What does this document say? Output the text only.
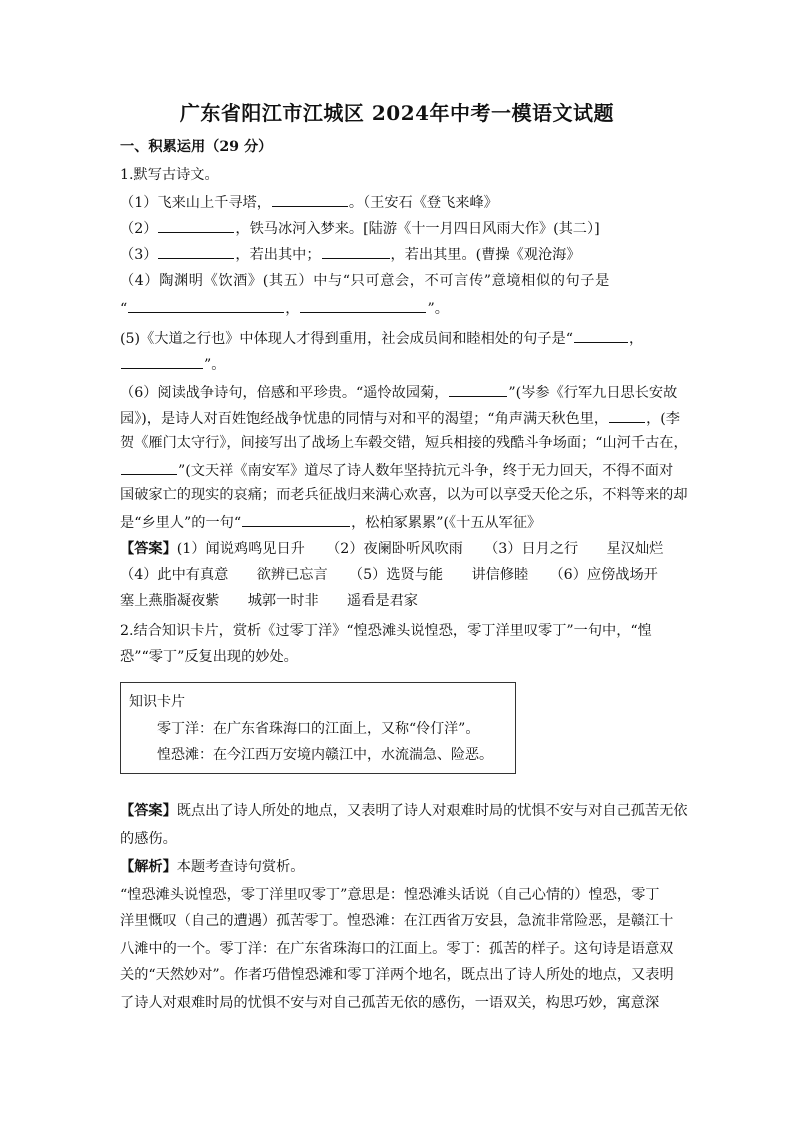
广东省阳江市江城区 2024年中考一模语文试题
一、积累运用（29 分）
1.默写古诗文。
（1）飞来山上千寻塔，	。（王安石《登飞来峰》
（2）	，铁马冰河入梦来。[陆游《十一月四日风雨大作》(其二）]
（3）	，若出其中；	，若出其里。(曹操《观沧海》
（4）陶渊明《饮酒》(其五）中与“只可意会，不可言传”意境相似的句子是
“	，	”。
(5)《大道之行也》中体现人才得到重用，社会成员间和睦相处的句子是“	，
”。
（6）阅读战争诗句，倍感和平珍贵。“遥怜故园菊，	”(岑参《行军九日思长安故
园》)，是诗人对百姓饱经战争忧患的同情与对和平的渴望；“角声满天秋色里，	，(李
贺《雁门太守行》，间接写出了战场上车毂交错，短兵相接的残酷斗争场面；“山河千古在，
”(文天祥《南安军》道尽了诗人数年坚持抗元斗争，终于无力回天，不得不面对
国破家亡的现实的哀痛；而老兵征战归来满心欢喜，以为可以享受天伦之乐，不料等来的却
是“乡里人”的一句“	，松柏冢累累”(《十五从军征》
【答案】(1）闻说鸡鸣见日升　　（2）夜阑卧听风吹雨　　（3）日月之行　　星汉灿烂
（4）此中有真意　　欲辨已忘言　　（5）选贤与能　　讲信修睦　　（6）应傍战场开
塞上燕脂凝夜紫　　城郭一时非　　遥看是君家
2.结合知识卡片，赏析《过零丁洋》“惶恐滩头说惶恐，零丁洋里叹零丁”一句中，“惶
恐”“零丁”反复出现的妙处。
知识卡片
零丁洋：在广东省珠海口的江面上，又称“伶仃洋”。
惶恐滩：在今江西万安境内赣江中，水流湍急、险恶。
【答案】既点出了诗人所处的地点，又表明了诗人对艰难时局的忧惧不安与对自己孤苦无依
的感伤。
【解析】本题考查诗句赏析。
“惶恐滩头说惶恐，零丁洋里叹零丁”意思是：惶恐滩头话说（自己心情的）惶恐，零丁
洋里慨叹（自己的遭遇）孤苦零丁。惶恐滩：在江西省万安县，急流非常险恶，是赣江十
八滩中的一个。零丁洋：在广东省珠海口的江面上。零丁：孤苦的样子。这句诗是语意双
关的“天然妙对”。作者巧借惶恐滩和零丁洋两个地名，既点出了诗人所处的地点，又表明
了诗人对艰难时局的忧惧不安与对自己孤苦无依的感伤，一语双关，构思巧妙，寓意深
